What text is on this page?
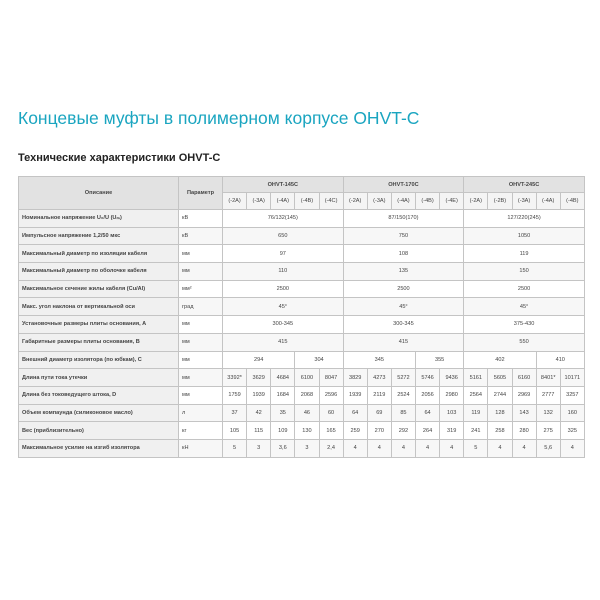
Концевые муфты в полимерном корпусе OHVT-C
Технические характеристики OHVT-C
Описание	Параметр	OHVT-145C					OHVT-170C					OHVT-245C				
		(-2A)	(-3A)	(-4A)	(-4B)	(-4C)	(-2A)	(-3A)	(-4A)	(-4B)	(-4E)	(-2A)	(-2B)	(-3A)	(-4A)	(-4B)
Номинальное напряжение U₀/U (Uₘ)	кВ	76/132(145)					87/150(170)					127/220(245)				
Импульсное напряжение 1,2/50 мкс	кВ	650					750					1050				
Максимальный диаметр по изоляции кабеля	мм	97					108					119				
Максимальный диаметр по оболочке кабеля	мм	110					135					150				
Максимальное сечение жилы кабеля (Cu/Al)	мм²	2500					2500					2500				
Макс. угол наклона от вертикальной оси	град	45°					45°					45°				
Установочные размеры плиты основания, A	мм	300-345					300-345					375-430				
Габаритные размеры плиты основания, B	мм	415					415					550				
Внешний диаметр изолятора (по юбкам), C	мм	294			304		345			355		402			410	
Длина пути тока утечки	мм	3392*	3629	4684	6100	8047	3829	4273	5272	5746	9436	5161	5605	6160	8401*	10171
Длина без токоведущего штока, D	мм	1759	1939	1684	2068	2596	1939	2119	2524	2056	2980	2564	2744	2969	2777	3257
Объем компаунда (силиконовое масло)	л	37	42	35	46	60	64	69	85	64	103	119	128	143	132	160
Вес (приблизительно)	кг	105	115	109	130	165	259	270	292	264	319	241	258	280	275	325
Максимальное усилие на изгиб изолятора	кН	5	3	3,6	3	2,4	4	4	4	4	4	5	4	4	5,6	4
